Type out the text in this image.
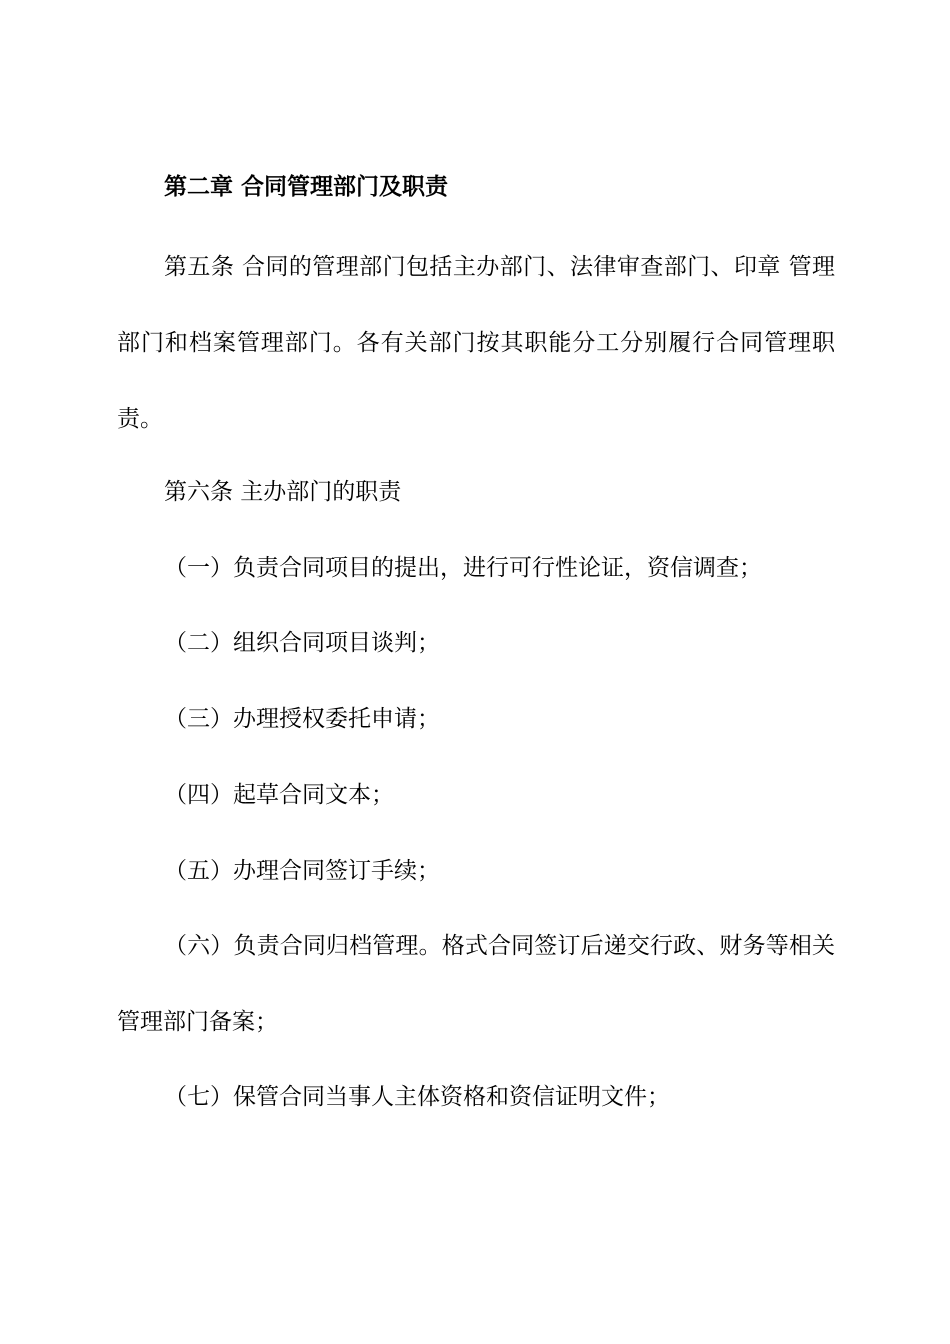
第二章 合同管理部门及职责
第五条 合同的管理部门包括主办部门、法律审查部门、印章 管理部门和档案管理部门。各有关部门按其职能分工分别履行合同管理职责。
第六条 主办部门的职责
（一）负责合同项目的提出，进行可行性论证，资信调查；
（二）组织合同项目谈判；
（三）办理授权委托申请；
（四）起草合同文本；
（五）办理合同签订手续；
（六）负责合同归档管理。格式合同签订后递交行政、财务等相关管理部门备案；
（七）保管合同当事人主体资格和资信证明文件；
